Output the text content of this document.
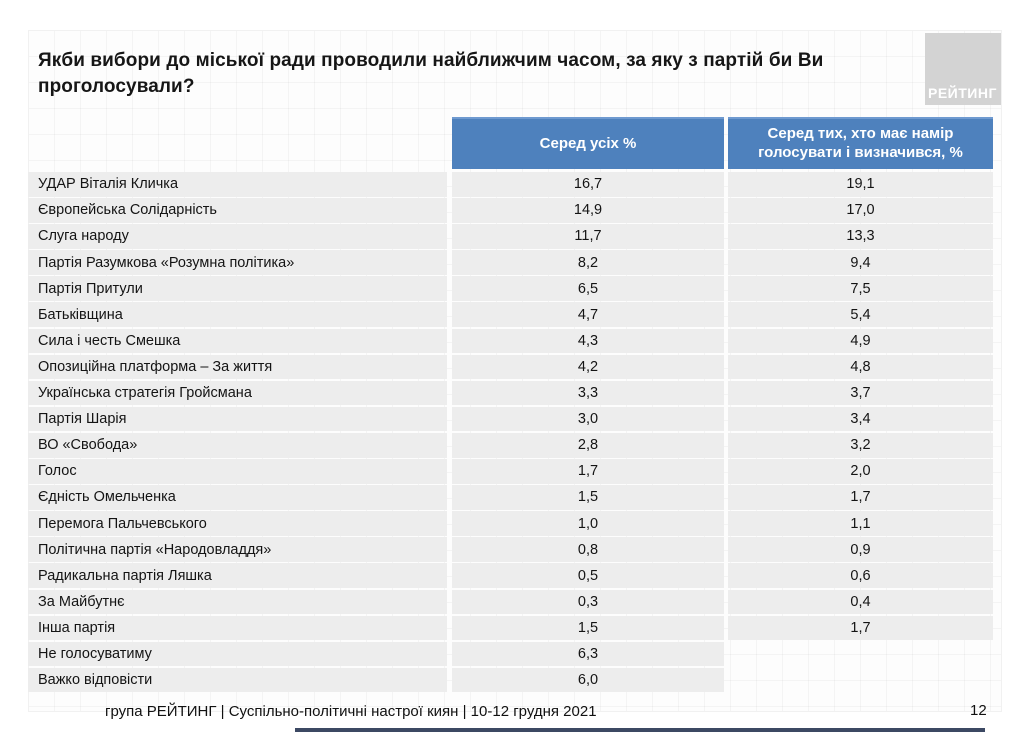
Якби вибори до міської ради проводили найближчим часом, за яку з партій би Ви проголосували?	РЕЙТИНГ
Серед усіх %
Серед тих, хто має намір голосувати і визначився, %
УДАР Віталія Кличка	16,7	19,1
Європейська Солідарність	14,9	17,0
Слуга народу	11,7	13,3
Партія Разумкова «Розумна політика»	8,2	9,4
Партія Притули	6,5	7,5
Батьківщина	4,7	5,4
Сила і честь Смешка	4,3	4,9
Опозиційна платформа – За життя	4,2	4,8
Українська стратегія Гройсмана	3,3	3,7
Партія Шарія	3,0	3,4
ВО «Свобода»	2,8	3,2
Голос	1,7	2,0
Єдність Омельченка	1,5	1,7
Перемога Пальчевського	1,0	1,1
Політична партія «Народовладдя»	0,8	0,9
Радикальна партія Ляшка	0,5	0,6
За Майбутнє	0,3	0,4
Інша партія	1,5	1,7
Не голосуватиму	6,3
Важко відповісти	6,0
група РЕЙТИНГ | Суспільно-політичні настрої киян | 10-12 грудня 2021	12
